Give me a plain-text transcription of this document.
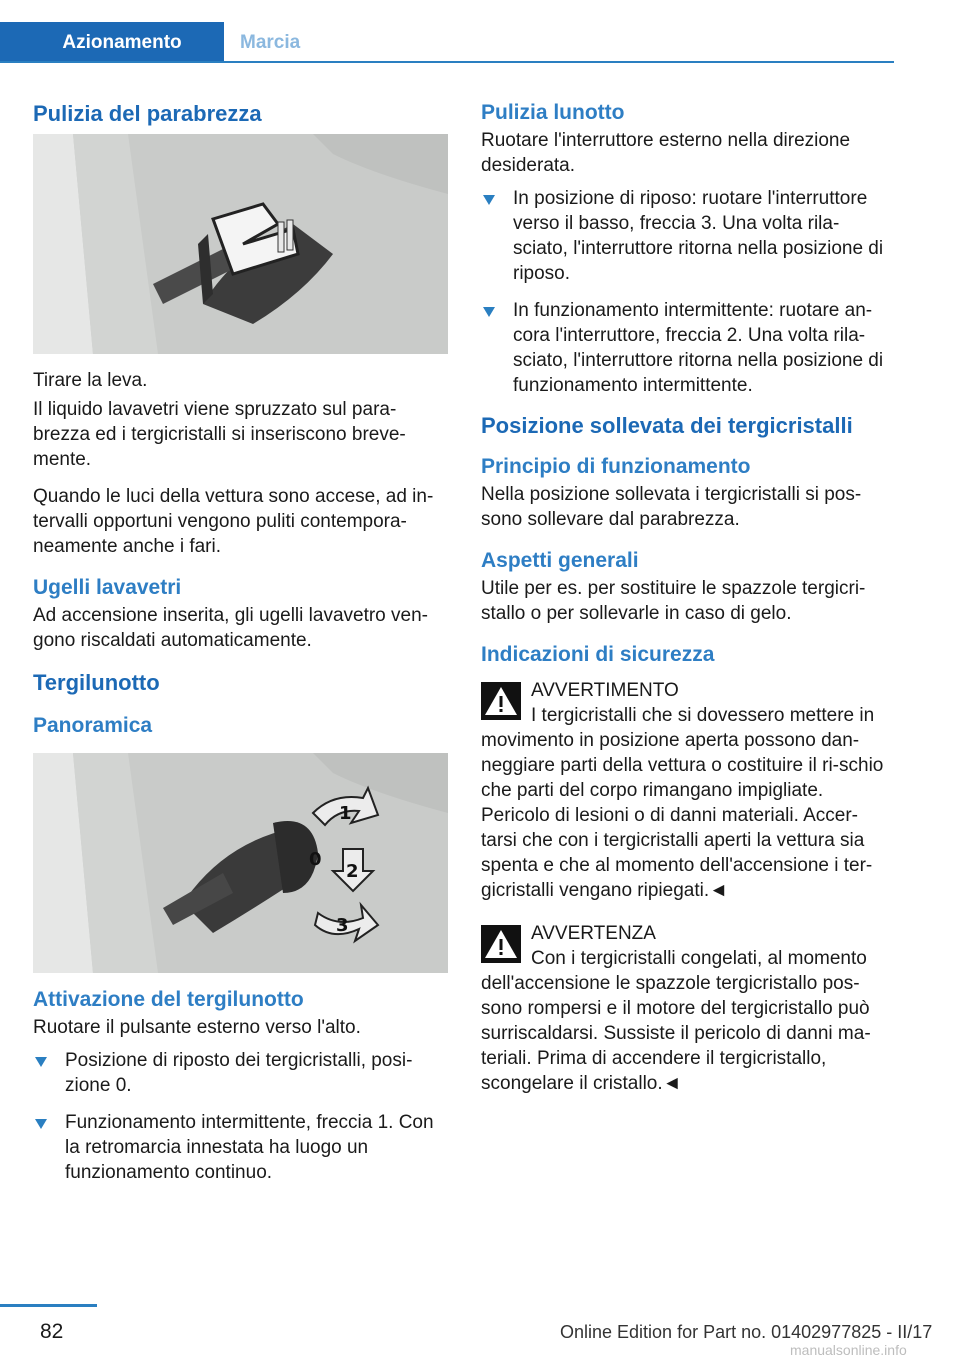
Azionamento	Marcia
Pulizia del parabrezza

Tirare la leva.

Il liquido lavavetri viene spruzzato sul para‐brezza ed i tergicristalli si inseriscono breve‐mente.

Quando le luci della vettura sono accese, ad in‐tervalli opportuni vengono puliti contempora‐neamente anche i fari.

Ugelli lavavetri

Ad accensione inserita, gli ugelli lavavetro ven‐gono riscaldati automaticamente.

Tergilunotto
Panoramica
1
0
2
3
Attivazione del tergilunotto

Ruotare il pulsante esterno verso l'alto.

Posizione di riposto dei tergicristalli, posi‐zione 0.
Funzionamento intermittente, freccia 1. Con la retromarcia innestata ha luogo un funzionamento continuo.
Pulizia lunotto

Ruotare l'interruttore esterno nella direzione desiderata.

In posizione di riposo: ruotare l'interruttore verso il basso, freccia 3. Una volta rila‐sciato, l'interruttore ritorna nella posizione di riposo.
In funzionamento intermittente: ruotare an‐cora l'interruttore, freccia 2. Una volta rila‐sciato, l'interruttore ritorna nella posizione di funzionamento intermittente.
Posizione sollevata dei tergicristalli
Principio di funzionamento

Nella posizione sollevata i tergicristalli si pos‐sono sollevare dal parabrezza.

Aspetti generali

Utile per es. per sostituire le spazzole tergicri‐stallo o per sollevarle in caso di gelo.

Indicazioni di sicurezza
AVVERTIMENTO
I tergicristalli che si dovessero mettere in movimento in posizione aperta possono dan‐neggiare parti della vettura o costituire il ri‐schio che parti del corpo rimangano impigliate. Pericolo di lesioni o di danni materiali. Accer‐tarsi che con i tergicristalli aperti la vettura sia spenta e che al momento dell'accensione i ter‐gicristalli vengano ripiegati.◄
AVVERTENZA
Con i tergicristalli congelati, al momento dell'accensione le spazzole tergicristallo pos‐sono rompersi e il motore del tergicristallo può surriscaldarsi. Sussiste il pericolo di danni ma‐teriali. Prima di accendere il tergicristallo, scongelare il cristallo.◄
82	Online Edition for Part no. 01402977825 - II/17
manualsonline.info
